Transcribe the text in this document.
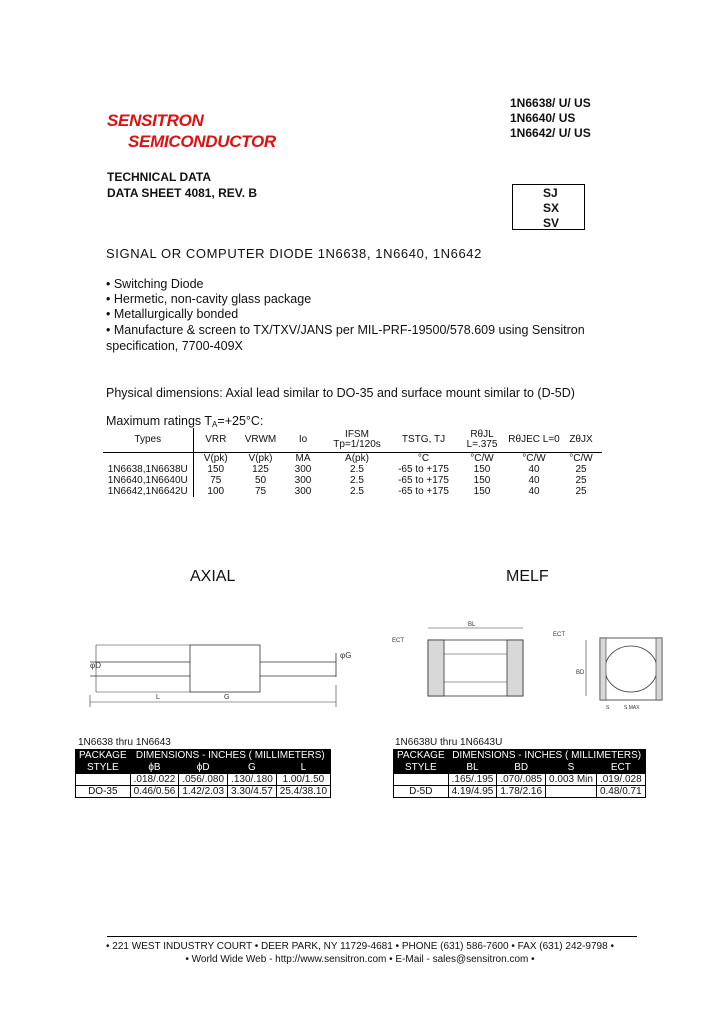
SENSITRON
SEMICONDUCTOR
1N6638/ U/ US
1N6640/ US
1N6642/ U/ US
TECHNICAL DATA
DATA SHEET 4081, REV. B	SJ
SX
SV
SIGNAL OR COMPUTER DIODE 1N6638, 1N6640, 1N6642
• Switching Diode
• Hermetic, non-cavity glass package
• Metallurgically bonded
• Manufacture & screen to TX/TXV/JANS per MIL-PRF-19500/578.609 using Sensitron
specification, 7700-409X
Physical dimensions: Axial lead similar to DO-35 and surface mount similar to (D-5D)
Maximum ratings $T_A=+25^\circ C$:
Types	VRR	VRWM	Io	IFSM Tp=1/120s	TSTG, TJ	RθJL L=.375	RθJEC L=0	ZθJX
	V(pk)	V(pk)	MA	A(pk)	°C	°C/W	°C/W	°C/W
1N6638,1N6638U	150	125	300	2.5	-65 to +175	150	40	25
1N6640,1N6640U	75	50	300	2.5	-65 to +175	150	40	25
1N6642,1N6642U	100	75	300	2.5	-65 to +175	150	40	25
AXIAL	MELF
φD
φG
L	G
BL
ECT
ECT
BD
S	S MAX
1N6638 thru 1N6643	1N6638U thru 1N6643U
PACKAGE	DIMENSIONS - INCHES ( MILLIMETERS)			
STYLE	ϕB	ϕD	G	L
	.018/.022	.056/.080	.130/.180	1.00/1.50
DO-35	0.46/0.56	1.42/2.03	3.30/4.57	25.4/38.10
PACKAGE	DIMENSIONS - INCHES ( MILLIMETERS)			
STYLE	BL	BD	S	ECT
	.165/.195	.070/.085	0.003 Min	.019/.028
D-5D	4.19/4.95	1.78/2.16		0.48/0.71
• 221 WEST INDUSTRY COURT • DEER PARK, NY 11729-4681 • PHONE (631) 586-7600 • FAX (631) 242-9798 •
• World Wide Web - http://www.sensitron.com • E-Mail - sales@sensitron.com •
